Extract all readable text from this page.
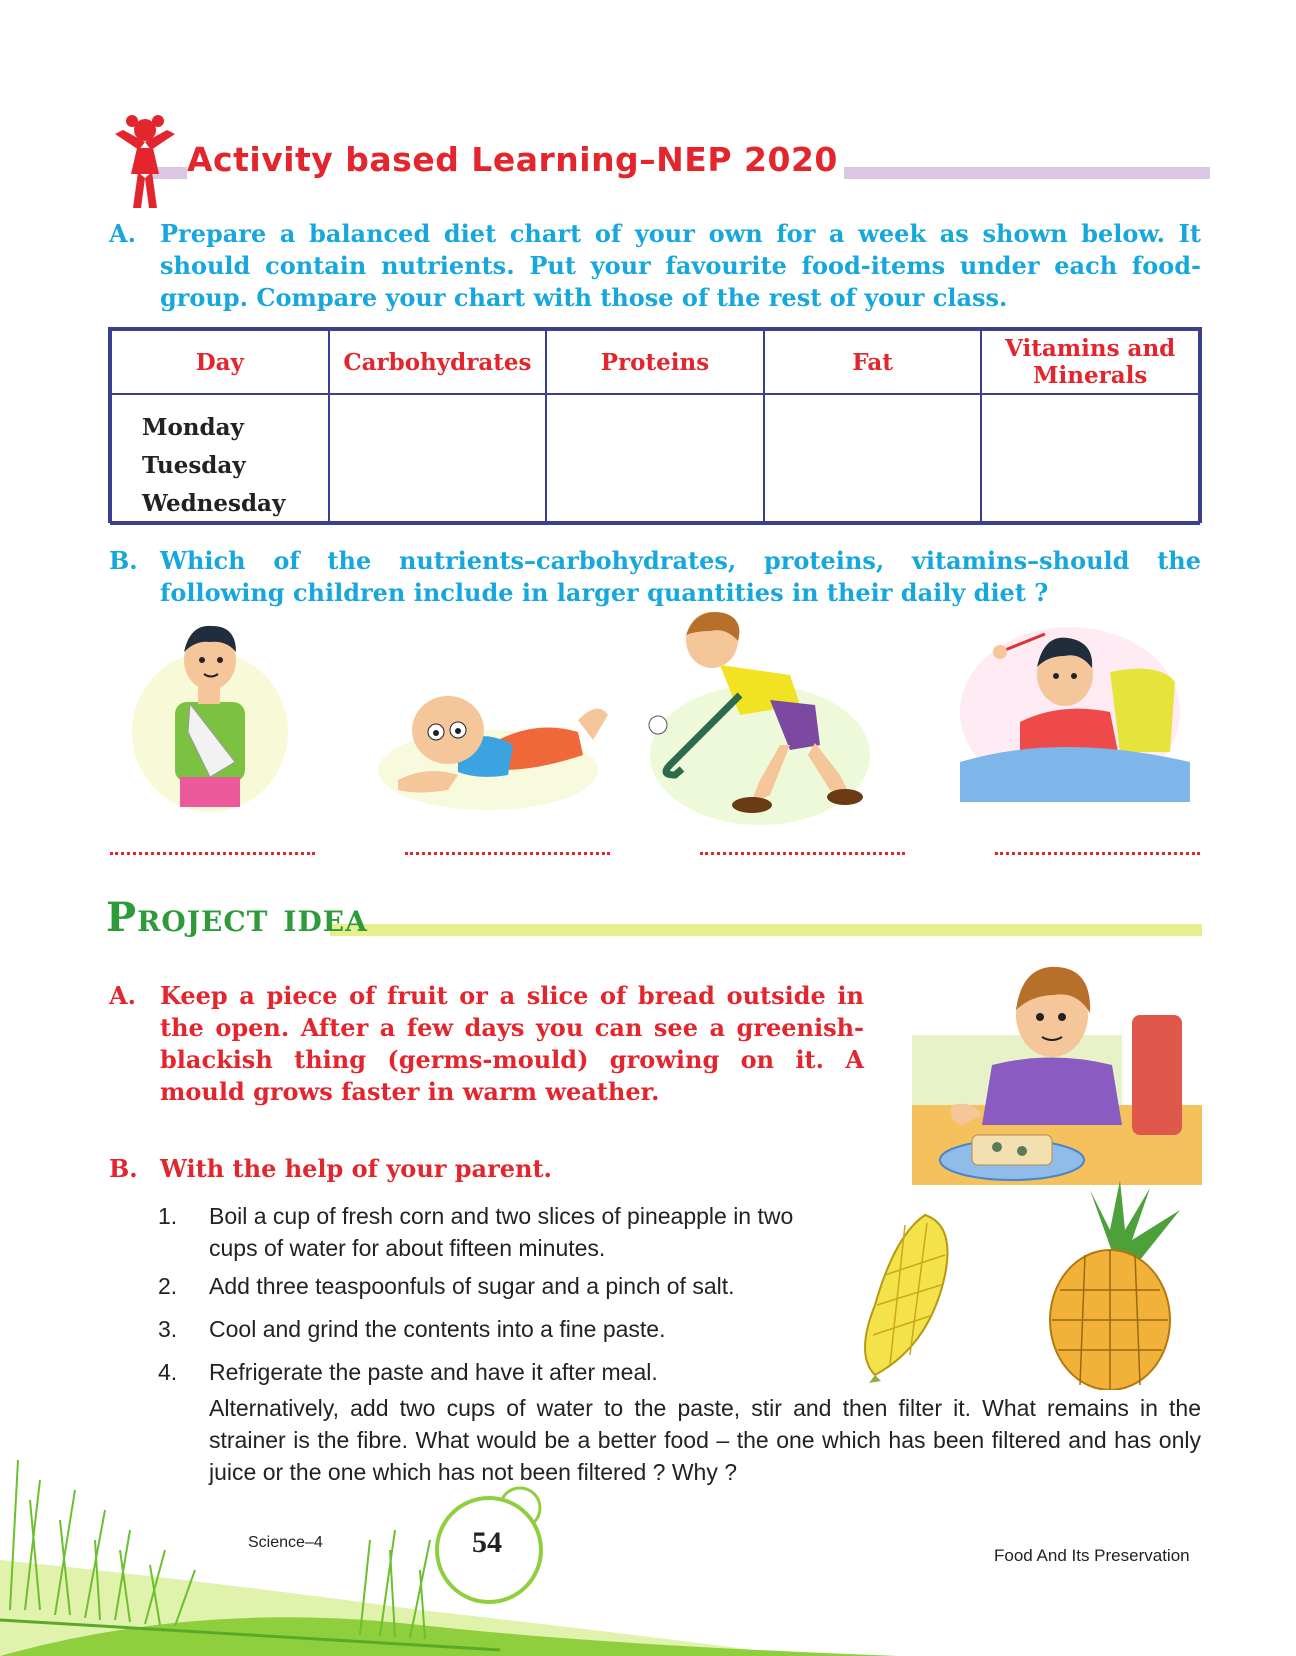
Activity based Learning–NEP 2020
A. Prepare a balanced diet chart of your own for a week as shown below. It should contain nutrients. Put your favourite food-items under each food-group. Compare your chart with those of the rest of your class.
Day	Carbohydrates	Proteins	Fat	Vitamins and Minerals

Monday
Tuesday
Wednesday				

B. Which of the nutrients–carbohydrates, proteins, vitamins–should the following children include in larger quantities in their daily diet ?
Project idea
A. Keep a piece of fruit or a slice of bread outside in the open. After a few days you can see a greenish-blackish thing (germs-mould) growing on it. A mould grows faster in warm weather.
B. With the help of your parent.
1. Boil a cup of fresh corn and two slices of pineapple in two cups of water for about fifteen minutes.
2. Add three teaspoonfuls of sugar and a pinch of salt.
3. Cool and grind the contents into a fine paste.
4. Refrigerate the paste and have it after meal.
Alternatively, add two cups of water to the paste, stir and then filter it. What remains in the strainer is the fibre. What would be a better food – the one which has been filtered and has only juice or the one which has not been filtered ? Why ?
Science–4	54	Food And Its Preservation
